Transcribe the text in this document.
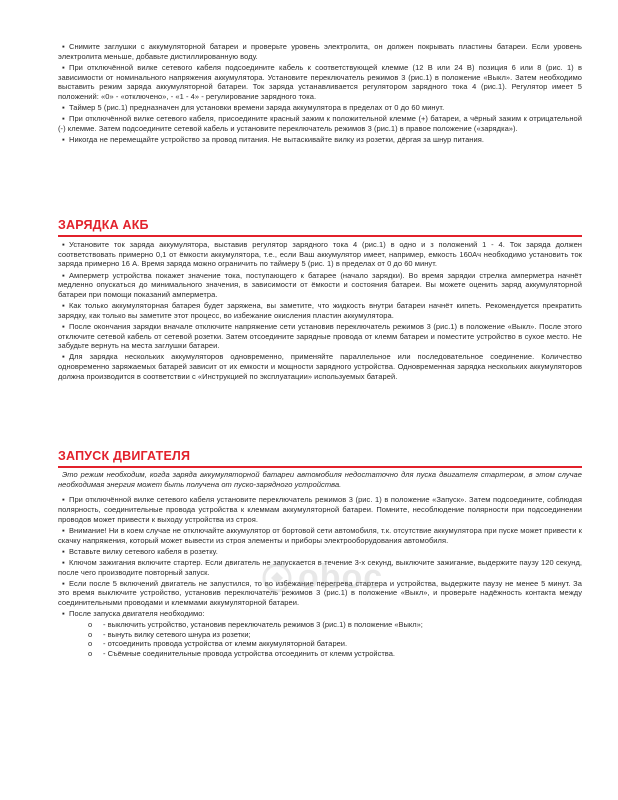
▪ Снимите заглушки с аккумуляторной батареи и проверьте уровень электролита, он должен покрывать пластины батареи. Если уровень электролита меньше, добавьте дистиллированную воду.

▪ При отключённой вилке сетевого кабеля подсоедините кабель к соответствующей клемме (12 В или 24 В) позиция 6 или 8 (рис. 1) в зависимости от номинального напряжения аккумулятора. Установите переключатель режимов 3 (рис.1) в положение «Выкл». Затем необходимо выставить режим заряда аккумуляторной батареи. Ток заряда устанавливается регулятором зарядного тока 4 (рис.1). Регулятор имеет 5 положений: «0» - «отключено», - «1 - 4» - регулирование зарядного тока.

▪ Таймер 5 (рис.1) предназначен для установки времени заряда аккумулятора в пределах от 0 до 60 минут.

▪ При отключённой вилке сетевого кабеля, присоедините красный зажим к положительной клемме (+) батареи, а чёрный зажим к отрицательной (-) клемме. Затем подсоедините сетевой кабель и установите переключатель режимов 3 (рис.1) в правое положение («зарядка»).

▪ Никогда не перемещайте устройство за провод питания. Не вытаскивайте вилку из розетки, дёргая за шнур питания.

ЗАРЯДКА АКБ

▪ Установите ток заряда аккумулятора, выставив регулятор зарядного тока 4 (рис.1) в одно и з положений 1 - 4. Ток заряда должен соответствовать примерно 0,1 от ёмкости аккумулятора, т.е., если Ваш аккумулятор имеет, например, емкость 160Ач необходимо установить ток заряда примерно 16 А. Время заряда можно ограничить по таймеру 5 (рис. 1) в пределах от 0 до 60 минут.

▪ Амперметр устройства покажет значение тока, поступающего к батарее (начало зарядки). Во время зарядки стрелка амперметра начнёт медленно опускаться до минимального значения, в зависимости от ёмкости и состояния батареи. Вы можете оценить заряд аккумуляторной батареи при помощи показаний амперметра.

▪ Как только аккумуляторная батарея будет заряжена, вы заметите, что жидкость внутри батареи начнёт кипеть. Рекомендуется прекратить зарядку, как только вы заметите этот процесс, во избежание окисления пластин аккумулятора.

▪ После окончания зарядки вначале отключите напряжение сети установив переключатель режимов 3 (рис.1) в положение «Выкл». После этого отключите сетевой кабель от сетевой розетки. Затем отсоедините зарядные провода от клемм батареи и поместите устройство в сухое место. Не забудьте вернуть на места заглушки батареи.

▪ Для зарядка нескольких аккумуляторов одновременно, применяйте параллельное или последовательное соединение. Количество одновременно заряжаемых батарей зависит от их емкости и мощности зарядного устройства. Одновременная зарядка нескольких аккумуляторов должна производится в соответствии с «Инструкцией по эксплуатации» используемых батарей.

ЗАПУСК ДВИГАТЕЛЯ

Это режим необходим, когда заряда аккумуляторной батареи автомобиля недостаточно для пуска двигателя стартером, в этом случае необходимая энергия может быть получена от пуско-зарядного устройства.

▪ При отключённой вилке сетевого кабеля установите переключатель режимов 3 (рис. 1) в положение «Запуск». Затем подсоедините, соблюдая полярность, соединительные провода устройства к клеммам аккумуляторной батареи. Помните, несоблюдение полярности при подсоединении проводов может привести к выходу устройства из строя.

▪ Внимание! Ни в коем случае не отключайте аккумулятор от бортовой сети автомобиля, т.к. отсутствие аккумулятора при пуске может привести к скачку напряжения, который может вывести из строя элементы и приборы электрооборудования автомобиля.

▪ Вставьте вилку сетевого кабеля в розетку.

▪ Ключом зажигания включите стартер. Если двигатель не запускается в течение 3-х секунд, выключите зажигание, выдержите паузу 120 секунд, после чего производите повторный запуск.

▪ Если после 5 включений двигатель не запустился, то во избежание перегрева стартера и устройства, выдержите паузу не менее 5 минут. За это время выключите устройство, установив переключатель режимов 3 (рис.1) в положение «Выкл», и проверьте надёжность контакта между соединительными проводами и клеммами аккумуляторной батареи.

▪ После запуска двигателя необходимо:

o - выключить устройство, установив переключатель режимов 3 (рис.1) в положение «Выкл»;
o - вынуть вилку сетевого шнура из розетки;
o - отсоединить провода устройства от клемм аккумуляторной батареи.
o - Съёмные соединительные провода устройства отсоединить от клемм устройства.
oboc
